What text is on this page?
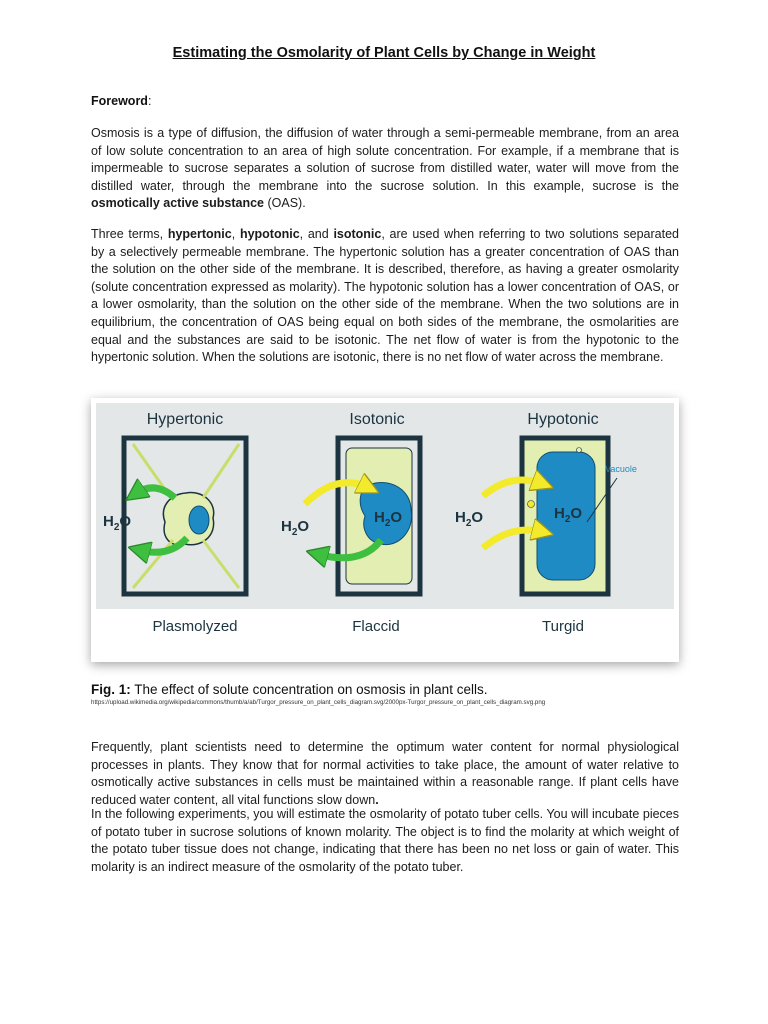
Estimating the Osmolarity of Plant Cells by Change in Weight

Foreword:

Osmosis is a type of diffusion, the diffusion of water through a semi-permeable membrane, from an area of low solute concentration to an area of high solute concentration. For example, if a membrane that is impermeable to sucrose separates a solution of sucrose from distilled water, water will move from the distilled water, through the membrane into the sucrose solution. In this example, sucrose is the osmotically active substance (OAS).

Three terms, hypertonic, hypotonic, and isotonic, are used when referring to two solutions separated by a selectively permeable membrane. The hypertonic solution has a greater concentration of OAS than the solution on the other side of the membrane. It is described, therefore, as having a greater osmolarity (solute concentration expressed as molarity). The hypotonic solution has a lower concentration of OAS, or a lower osmolarity, than the solution on the other side of the membrane. When the two solutions are in equilibrium, the concentration of OAS being equal on both sides of the membrane, the osmolarities are equal and the substances are said to be isotonic. The net flow of water is from the hypotonic to the hypertonic solution. When the solutions are isotonic, there is no net flow of water across the membrane.

Hypertonic	Isotonic	Hypotonic
$H_2O$	$H_2O$
$H_2O$
$H_2O$
$H_2O$
Vacuole
Plasmolyzed	Flaccid	Turgid

Fig. 1: The effect of solute concentration on osmosis in plant cells.

https://upload.wikimedia.org/wikipedia/commons/thumb/a/ab/Turgor_pressure_on_plant_cells_diagram.svg/2000px-Turgor_pressure_on_plant_cells_diagram.svg.png

Frequently, plant scientists need to determine the optimum water content for normal physiological processes in plants. They know that for normal activities to take place, the amount of water relative to osmotically active substances in cells must be maintained within a reasonable range. If plant cells have reduced water content, all vital functions slow down.

In the following experiments, you will estimate the osmolarity of potato tuber cells. You will incubate pieces of potato tuber in sucrose solutions of known molarity. The object is to find the molarity at which weight of the potato tuber tissue does not change, indicating that there has been no net loss or gain of water. This molarity is an indirect measure of the osmolarity of the potato tuber.
